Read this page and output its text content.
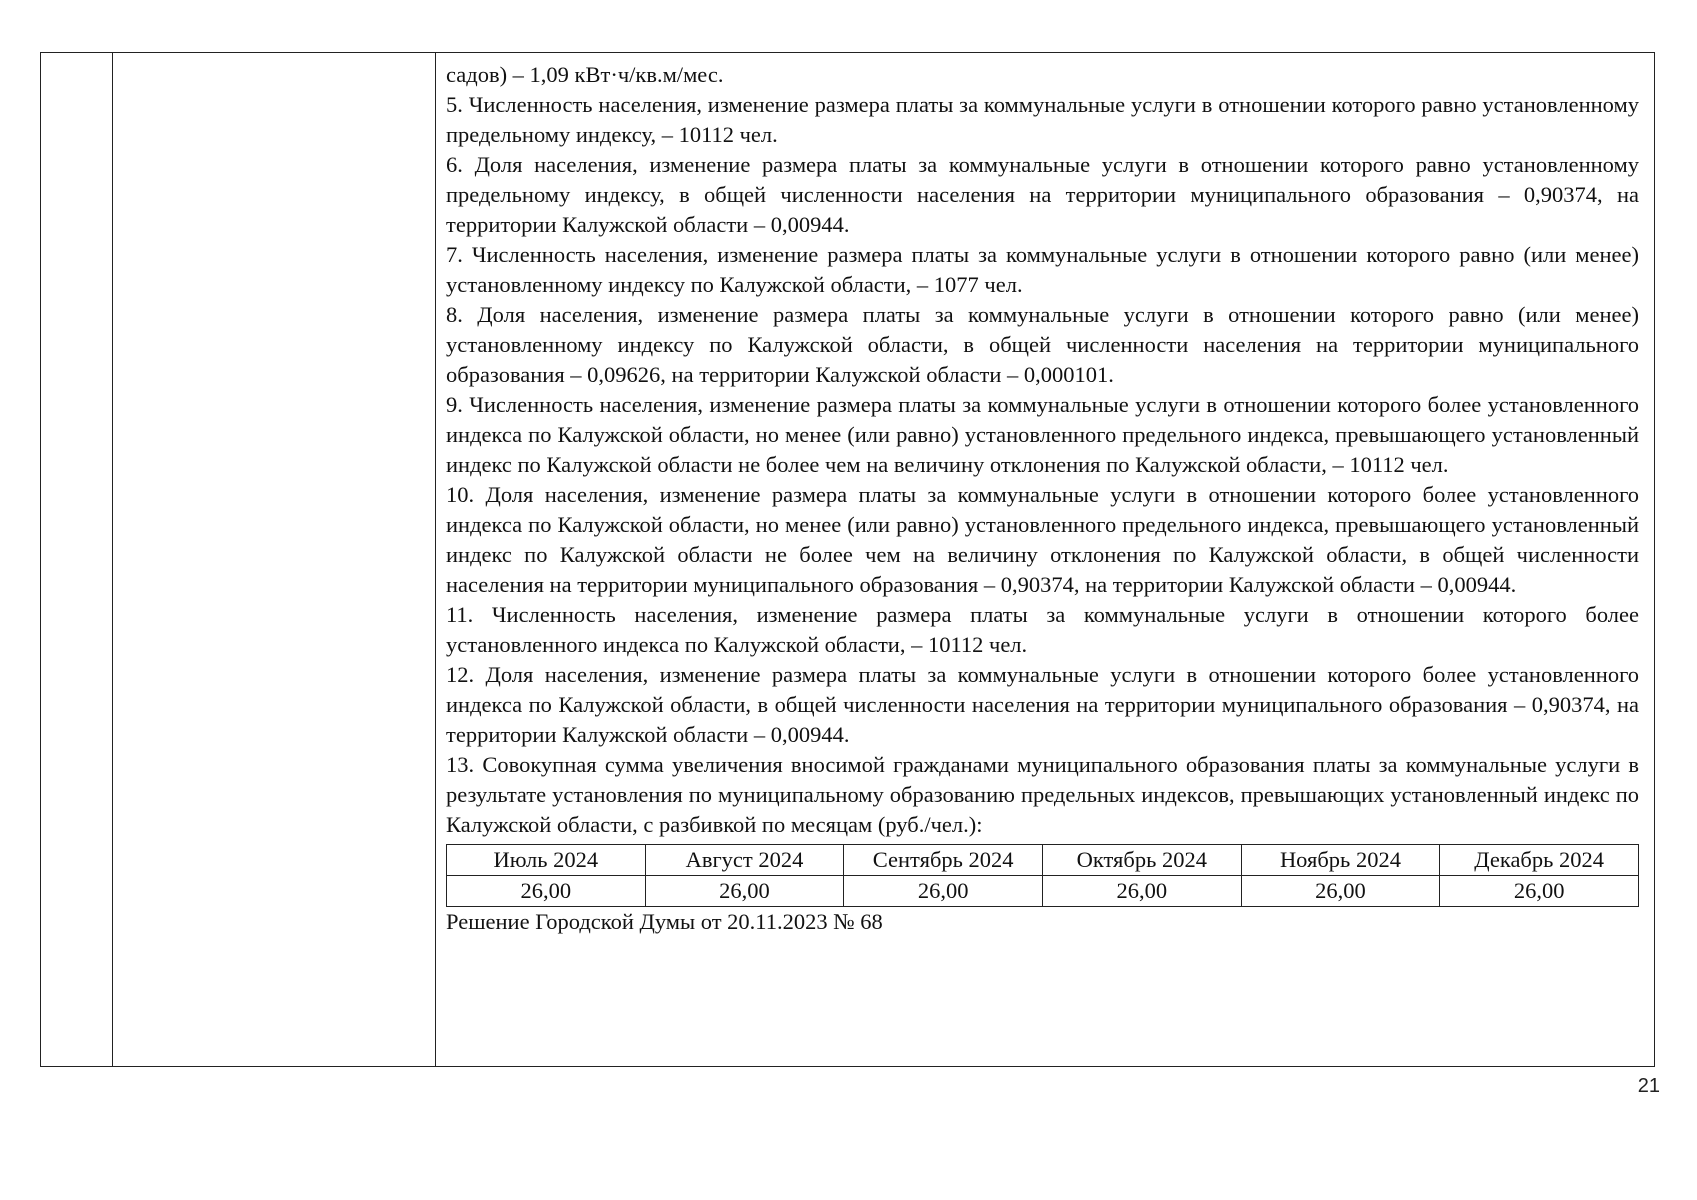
садов) – 1,09 кВт·ч/кв.м/мес.

5. Численность населения, изменение размера платы за коммунальные услуги в отношении которого равно установленному предельному индексу, – 10112 чел.

6. Доля населения, изменение размера платы за коммунальные услуги в отношении которого равно установленному предельному индексу, в общей численности населения на территории муниципального образования – 0,90374, на территории Калужской области – 0,00944.

7. Численность населения, изменение размера платы за коммунальные услуги в отношении которого равно (или менее) установленному индексу по Калужской области, – 1077 чел.

8. Доля населения, изменение размера платы за коммунальные услуги в отношении которого равно (или менее) установленному индексу по Калужской области, в общей численности населения на территории муниципального образования – 0,09626, на территории Калужской области – 0,000101.

9. Численность населения, изменение размера платы за коммунальные услуги в отношении которого более установленного индекса по Калужской области, но менее (или равно) установленного предельного индекса, превышающего установленный индекс по Калужской области не более чем на величину отклонения по Калужской области, – 10112 чел.

10. Доля населения, изменение размера платы за коммунальные услуги в отношении которого более установленного индекса по Калужской области, но менее (или равно) установленного предельного индекса, превышающего установленный индекс по Калужской области не более чем на величину отклонения по Калужской области, в общей численности населения на территории муниципального образования – 0,90374, на территории Калужской области – 0,00944.

11. Численность населения, изменение размера платы за коммунальные услуги в отношении которого более установленного индекса по Калужской области, – 10112 чел.

12. Доля населения, изменение размера платы за коммунальные услуги в отношении которого более установленного индекса по Калужской области, в общей численности населения на территории муниципального образования – 0,90374, на территории Калужской области – 0,00944.

13. Совокупная сумма увеличения вносимой гражданами муниципального образования платы за коммунальные услуги в результате установления по муниципальному образованию предельных индексов, превышающих установленный индекс по Калужской области, с разбивкой по месяцам (руб./чел.):

Июль 2024	Август 2024	Сентябрь 2024	Октябрь 2024	Ноябрь 2024	Декабрь 2024
26,00	26,00	26,00	26,00	26,00	26,00

Решение Городской Думы от 20.11.2023 № 68

21
